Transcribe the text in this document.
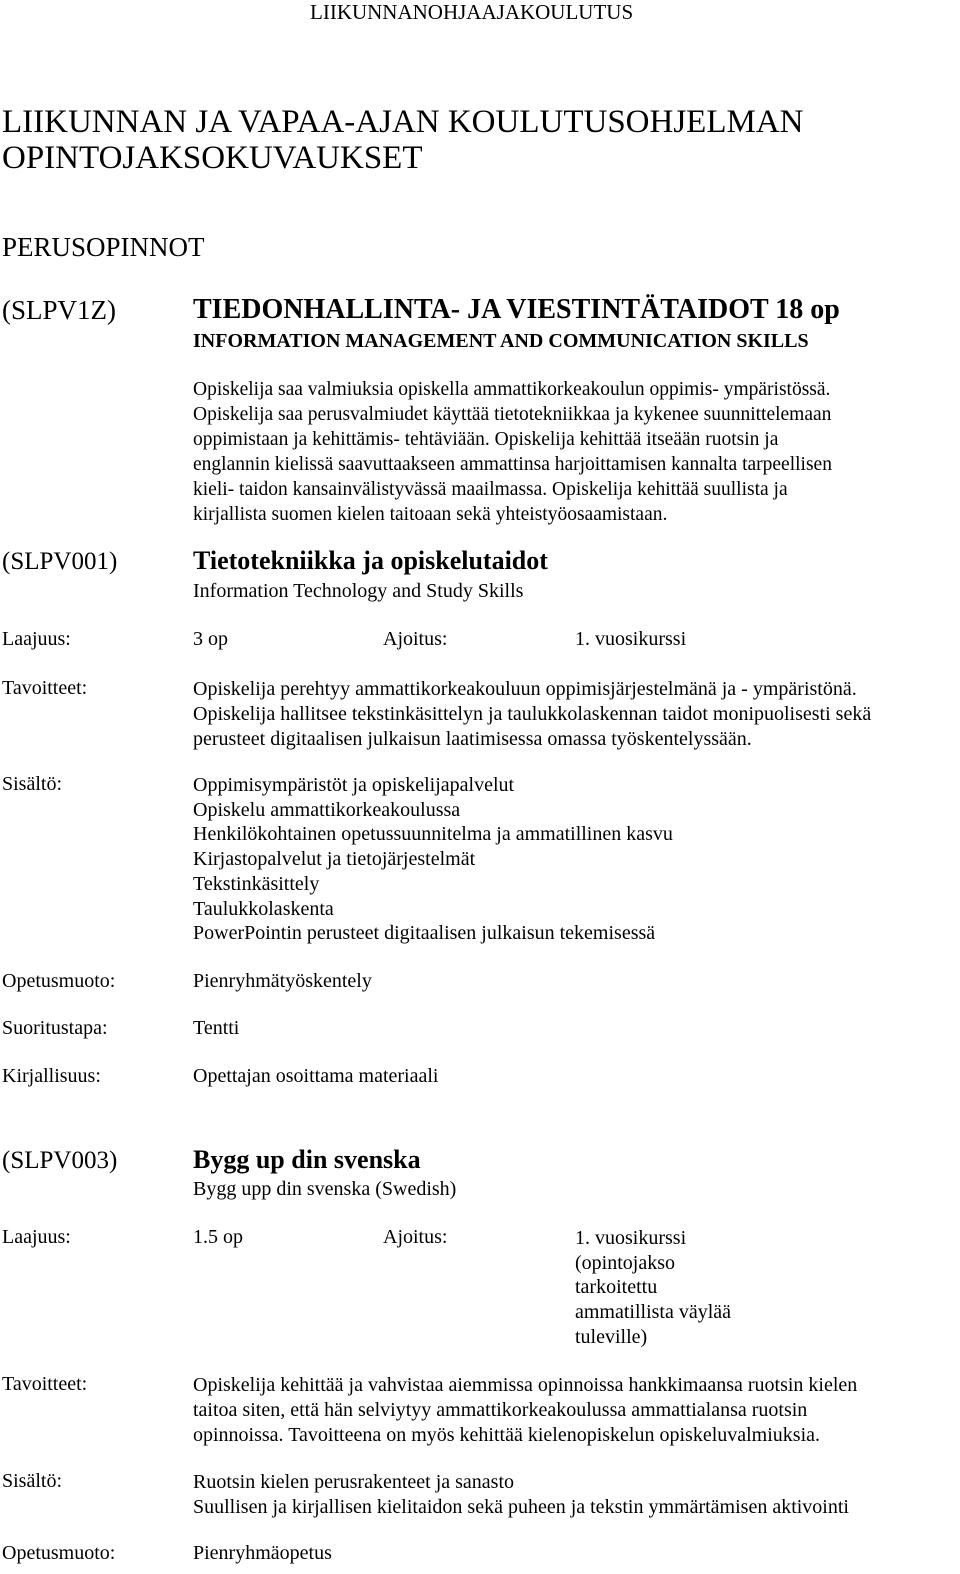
LIIKUNNANOHJAAJAKOULUTUS
LIIKUNNAN JA VAPAA-AJAN KOULUTUSOHJELMAN
OPINTOJAKSOKUVAUKSET
PERUSOPINNOT
(SLPV1Z)	TIEDONHALLINTA- JA VIESTINTÄTAIDOT 18 op
INFORMATION MANAGEMENT AND COMMUNICATION SKILLS
Opiskelija saa valmiuksia opiskella ammattikorkeakoulun oppimis- ympäristössä.
Opiskelija saa perusvalmiudet käyttää tietotekniikkaa ja kykenee suunnittelemaan
oppimistaan ja kehittämis- tehtäviään. Opiskelija kehittää itseään ruotsin ja
englannin kielissä saavuttaakseen ammattinsa harjoittamisen kannalta tarpeellisen
kieli- taidon kansainvälistyvässä maailmassa. Opiskelija kehittää suullista ja
kirjallista suomen kielen taitoaan sekä yhteistyöosaamistaan.
(SLPV001)	Tietotekniikka ja opiskelutaidot
Information Technology and Study Skills
Laajuus:	3 op	Ajoitus:	1. vuosikurssi
Tavoitteet:	Opiskelija perehtyy ammattikorkeakouluun oppimisjärjestelmänä ja - ympäristönä.
Opiskelija hallitsee tekstinkäsittelyn ja taulukkolaskennan taidot monipuolisesti sekä
perusteet digitaalisen julkaisun laatimisessa omassa työskentelyssään.
Sisältö:	Oppimisympäristöt ja opiskelijapalvelut
Opiskelu ammattikorkeakoulussa
Henkilökohtainen opetussuunnitelma ja ammatillinen kasvu
Kirjastopalvelut ja tietojärjestelmät
Tekstinkäsittely
Taulukkolaskenta
PowerPointin perusteet digitaalisen julkaisun tekemisessä
Opetusmuoto:	Pienryhmätyöskentely
Suoritustapa:	Tentti
Kirjallisuus:	Opettajan osoittama materiaali
(SLPV003)	Bygg up din svenska
Bygg upp din svenska (Swedish)
Laajuus:	1.5 op	Ajoitus:	1. vuosikurssi
(opintojakso
tarkoitettu
ammatillista väylää
tuleville)
Tavoitteet:	Opiskelija kehittää ja vahvistaa aiemmissa opinnoissa hankkimaansa ruotsin kielen
taitoa siten, että hän selviytyy ammattikorkeakoulussa ammattialansa ruotsin
opinnoissa. Tavoitteena on myös kehittää kielenopiskelun opiskeluvalmiuksia.
Sisältö:	Ruotsin kielen perusrakenteet ja sanasto
Suullisen ja kirjallisen kielitaidon sekä puheen ja tekstin ymmärtämisen aktivointi
Opetusmuoto:	Pienryhmäopetus
